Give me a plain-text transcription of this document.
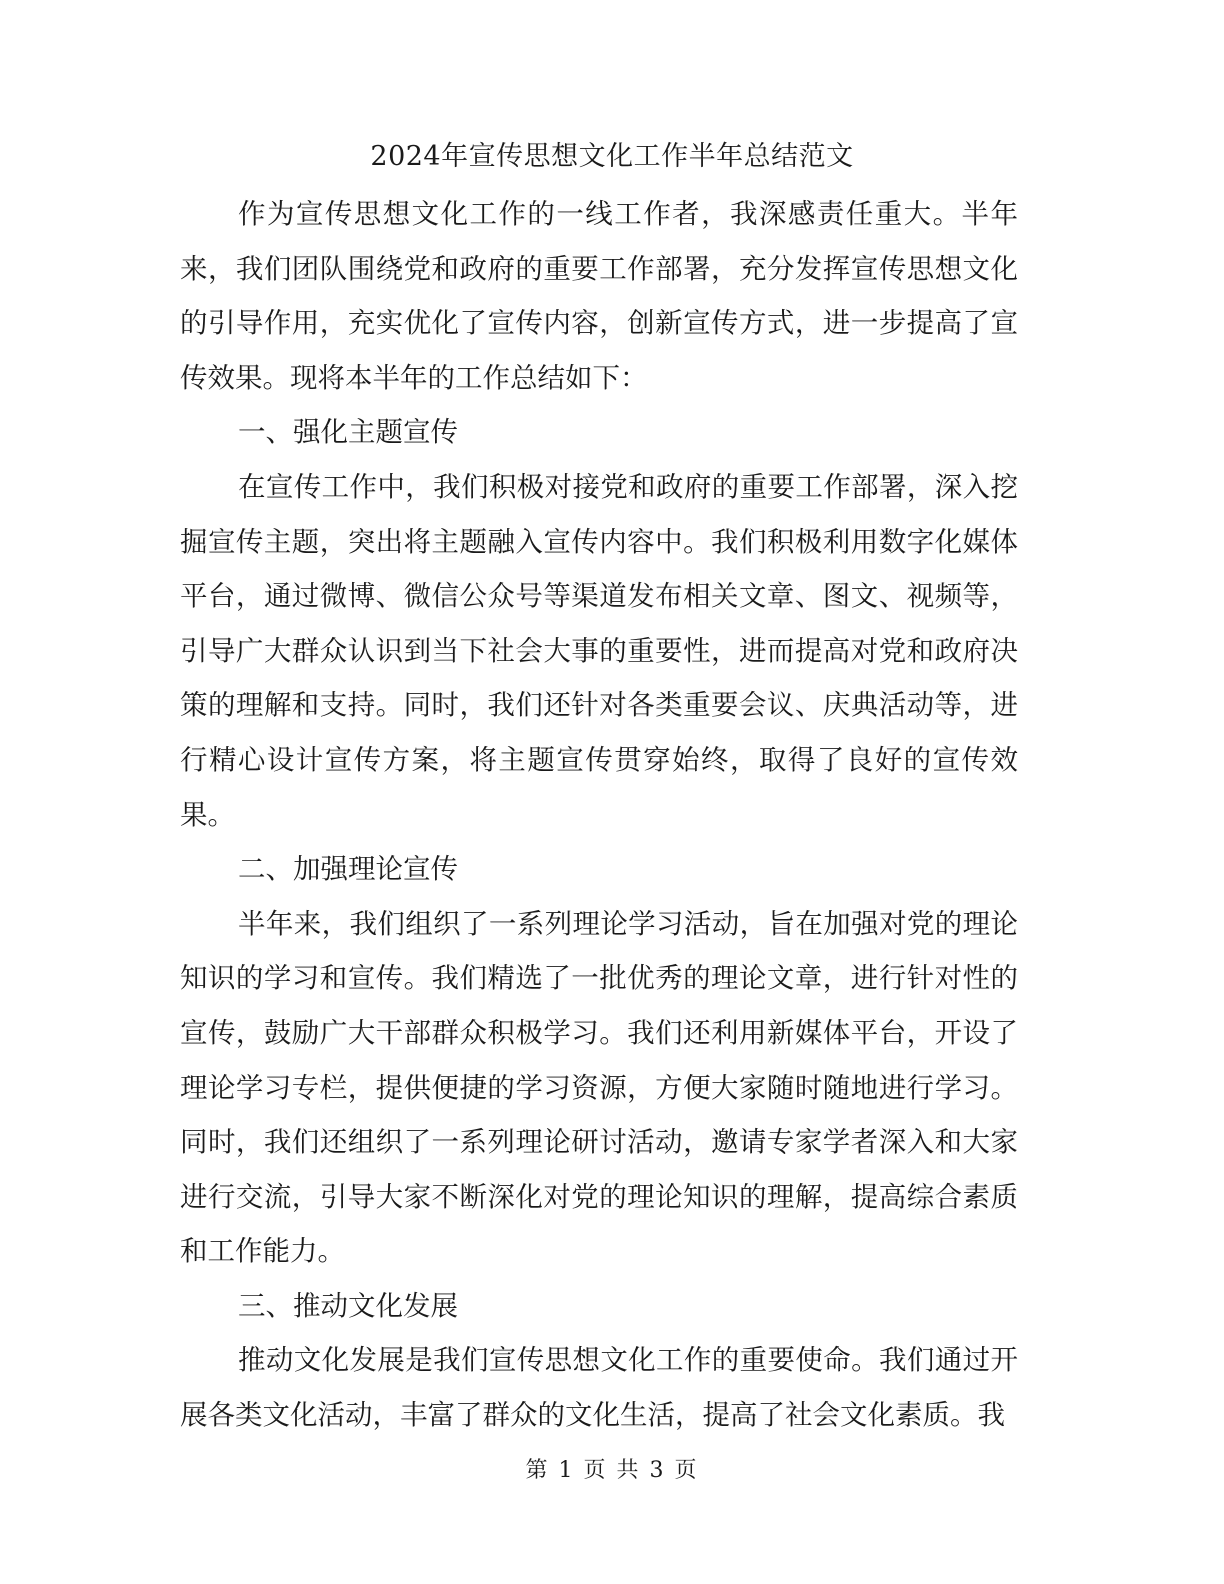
2024年宣传思想文化工作半年总结范文

作为宣传思想文化工作的一线工作者，我深感责任重大。半年来，我们团队围绕党和政府的重要工作部署，充分发挥宣传思想文化的引导作用，充实优化了宣传内容，创新宣传方式，进一步提高了宣传效果。现将本半年的工作总结如下：

一、强化主题宣传

在宣传工作中，我们积极对接党和政府的重要工作部署，深入挖掘宣传主题，突出将主题融入宣传内容中。我们积极利用数字化媒体平台，通过微博、微信公众号等渠道发布相关文章、图文、视频等，引导广大群众认识到当下社会大事的重要性，进而提高对党和政府决策的理解和支持。同时，我们还针对各类重要会议、庆典活动等，进行精心设计宣传方案，将主题宣传贯穿始终，取得了良好的宣传效果。

二、加强理论宣传

半年来，我们组织了一系列理论学习活动，旨在加强对党的理论知识的学习和宣传。我们精选了一批优秀的理论文章，进行针对性的宣传，鼓励广大干部群众积极学习。我们还利用新媒体平台，开设了理论学习专栏，提供便捷的学习资源，方便大家随时随地进行学习。同时，我们还组织了一系列理论研讨活动，邀请专家学者深入和大家进行交流，引导大家不断深化对党的理论知识的理解，提高综合素质和工作能力。

三、推动文化发展

推动文化发展是我们宣传思想文化工作的重要使命。我们通过开展各类文化活动，丰富了群众的文化生活，提高了社会文化素质。我

第 1 页 共 3 页
